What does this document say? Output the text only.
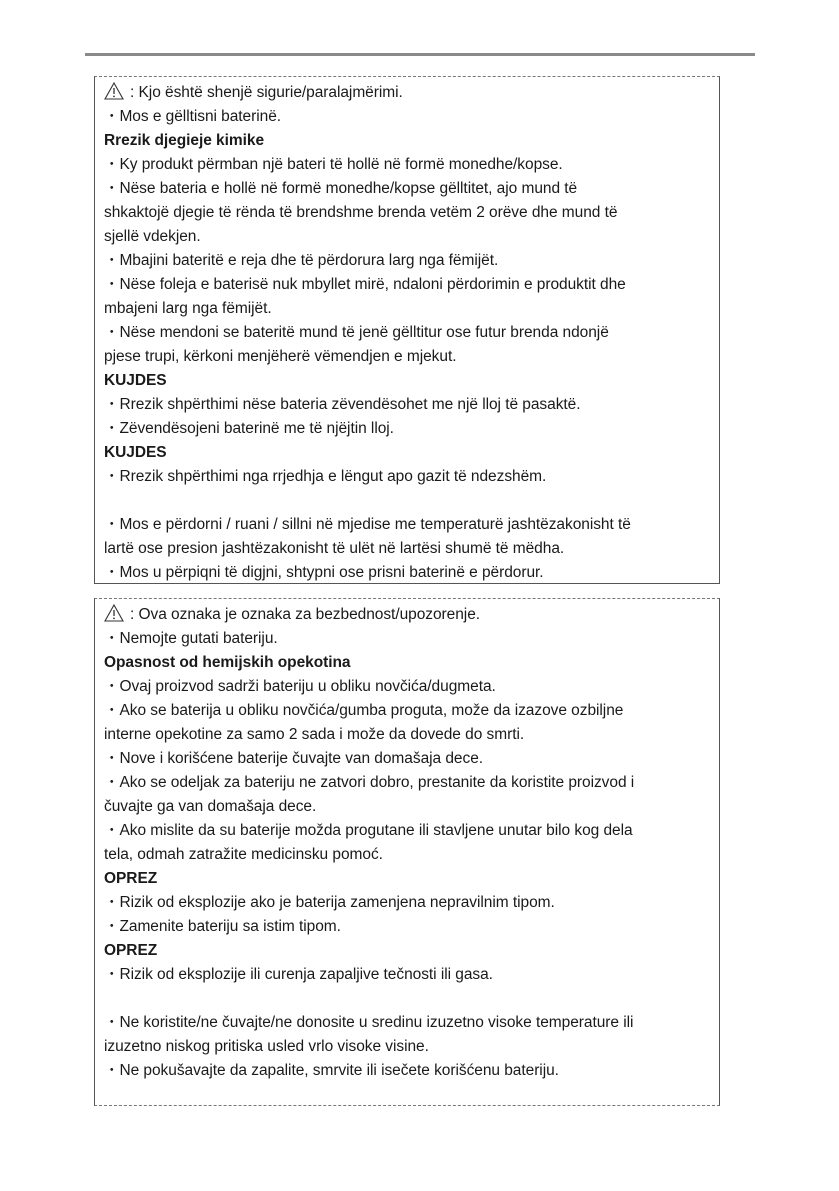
: Kjo është shenjë sigurie/paralajmërimi.
・Mos e gëlltisni baterinë.
Rrezik djegieje kimike
・Ky produkt përmban një bateri të hollë në formë monedhe/kopse.
・Nëse bateria e hollë në formë monedhe/kopse gëlltitet, ajo mund të
shkaktojë djegie të rënda të brendshme brenda vetëm 2 orëve dhe mund të
sjellë vdekjen.
・Mbajini bateritë e reja dhe të përdorura larg nga fëmijët.
・Nëse foleja e baterisë nuk mbyllet mirë, ndaloni përdorimin e produktit dhe
mbajeni larg nga fëmijët.
・Nëse mendoni se bateritë mund të jenë gëlltitur ose futur brenda ndonjë
pjese trupi, kërkoni menjëherë vëmendjen e mjekut.
KUJDES
・Rrezik shpërthimi nëse bateria zëvendësohet me një lloj të pasaktë.
・Zëvendësojeni baterinë me të njëjtin lloj.
KUJDES
・Rrezik shpërthimi nga rrjedhja e lëngut apo gazit të ndezshëm.
・Mos e përdorni / ruani / sillni në mjedise me temperaturë jashtëzakonisht të
lartë ose presion jashtëzakonisht të ulët në lartësi shumë të mëdha.
・Mos u përpiqni të digjni, shtypni ose prisni baterinë e përdorur.
: Ova oznaka je oznaka za bezbednost/upozorenje.
・Nemojte gutati bateriju.
Opasnost od hemijskih opekotina
・Ovaj proizvod sadrži bateriju u obliku novčića/dugmeta.
・Ako se baterija u obliku novčića/gumba proguta, može da izazove ozbiljne
interne opekotine za samo 2 sada i može da dovede do smrti.
・Nove i korišćene baterije čuvajte van domašaja dece.
・Ako se odeljak za bateriju ne zatvori dobro, prestanite da koristite proizvod i
čuvajte ga van domašaja dece.
・Ako mislite da su baterije možda progutane ili stavljene unutar bilo kog dela
tela, odmah zatražite medicinsku pomoć.
OPREZ
・Rizik od eksplozije ako je baterija zamenjena nepravilnim tipom.
・Zamenite bateriju sa istim tipom.
OPREZ
・Rizik od eksplozije ili curenja zapaljive tečnosti ili gasa.
・Ne koristite/ne čuvajte/ne donosite u sredinu izuzetno visoke temperature ili
izuzetno niskog pritiska usled vrlo visoke visine.
・Ne pokušavajte da zapalite, smrvite ili isečete korišćenu bateriju.
